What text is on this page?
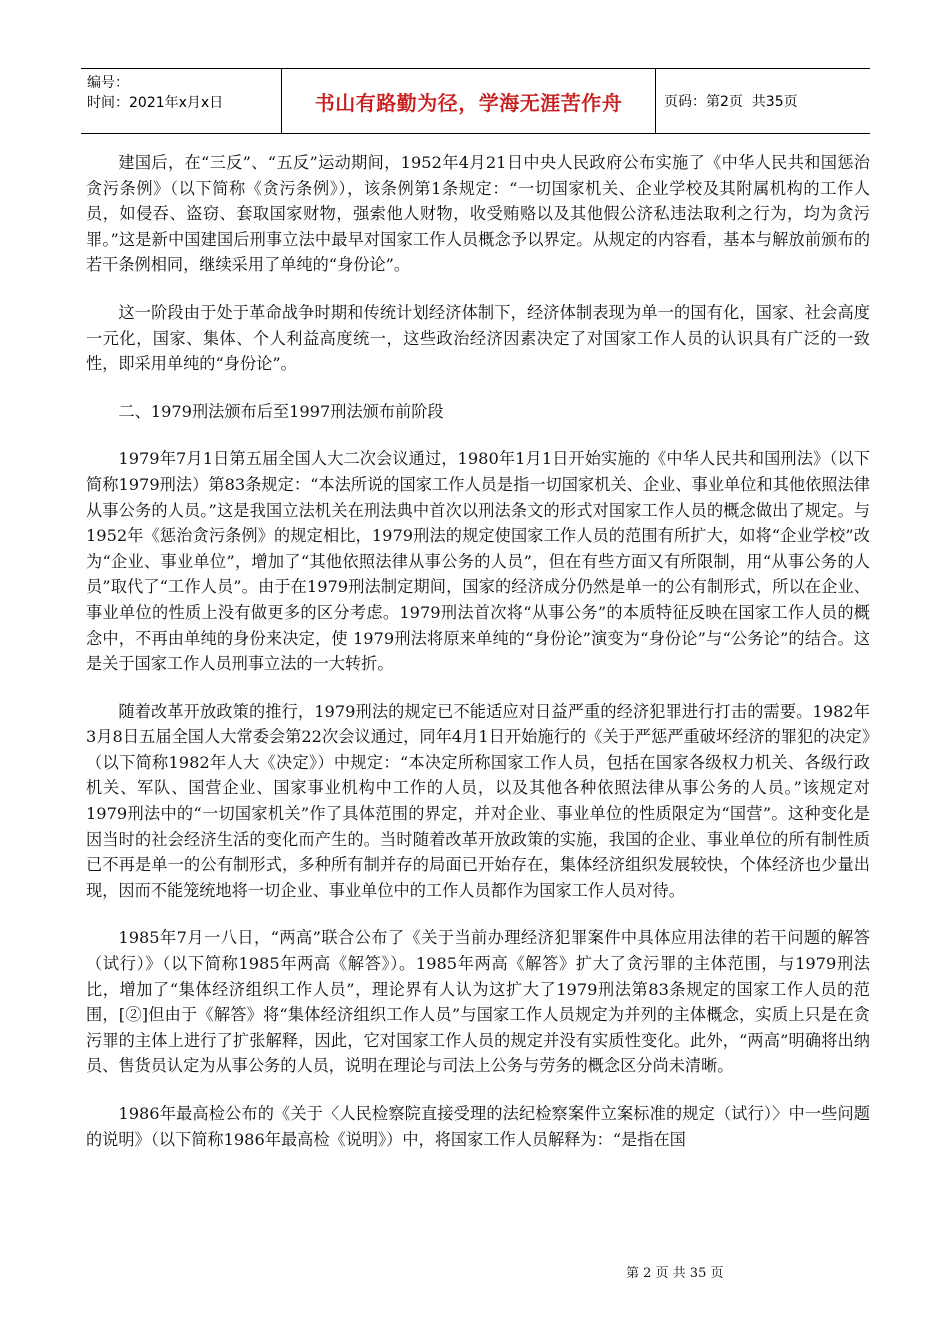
编号：
时间：2021年x月x日	书山有路勤为径，学海无涯苦作舟	页码：第2页  共35页

建国后，在“三反”、“五反”运动期间，1952年4月21日中央人民政府公布实施了《中华人民共和国惩治贪污条例》（以下简称《贪污条例》），该条例第1条规定：“一切国家机关、企业学校及其附属机构的工作人员，如侵吞、盗窃、套取国家财物，强索他人财物，收受贿赂以及其他假公济私违法取利之行为，均为贪污罪。”这是新中国建国后刑事立法中最早对国家工作人员概念予以界定。从规定的内容看，基本与解放前颁布的若干条例相同，继续采用了单纯的“身份论”。

这一阶段由于处于革命战争时期和传统计划经济体制下，经济体制表现为单一的国有化，国家、社会高度一元化，国家、集体、个人利益高度统一，这些政治经济因素决定了对国家工作人员的认识具有广泛的一致性，即采用单纯的“身份论”。

二、1979刑法颁布后至1997刑法颁布前阶段

1979年7月1日第五届全国人大二次会议通过，1980年1月1日开始实施的《中华人民共和国刑法》（以下简称1979刑法）第83条规定：“本法所说的国家工作人员是指一切国家机关、企业、事业单位和其他依照法律从事公务的人员。”这是我国立法机关在刑法典中首次以刑法条文的形式对国家工作人员的概念做出了规定。与1952年《惩治贪污条例》的规定相比，1979刑法的规定使国家工作人员的范围有所扩大，如将“企业学校”改为“企业、事业单位”，增加了“其他依照法律从事公务的人员”，但在有些方面又有所限制，用“从事公务的人员”取代了“工作人员”。由于在1979刑法制定期间，国家的经济成分仍然是单一的公有制形式，所以在企业、事业单位的性质上没有做更多的区分考虑。1979刑法首次将“从事公务”的本质特征反映在国家工作人员的概念中，不再由单纯的身份来决定，使 1979刑法将原来单纯的“身份论”演变为“身份论”与“公务论”的结合。这是关于国家工作人员刑事立法的一大转折。

随着改革开放政策的推行，1979刑法的规定已不能适应对日益严重的经济犯罪进行打击的需要。1982年3月8日五届全国人大常委会第22次会议通过，同年4月1日开始施行的《关于严惩严重破坏经济的罪犯的决定》（以下简称1982年人大《决定》）中规定：“本决定所称国家工作人员，包括在国家各级权力机关、各级行政机关、军队、国营企业、国家事业机构中工作的人员，以及其他各种依照法律从事公务的人员。”该规定对1979刑法中的“一切国家机关”作了具体范围的界定，并对企业、事业单位的性质限定为“国营”。这种变化是因当时的社会经济生活的变化而产生的。当时随着改革开放政策的实施，我国的企业、事业单位的所有制性质已不再是单一的公有制形式，多种所有制并存的局面已开始存在，集体经济组织发展较快，个体经济也少量出现，因而不能笼统地将一切企业、事业单位中的工作人员都作为国家工作人员对待。

1985年7月一八日，“两高”联合公布了《关于当前办理经济犯罪案件中具体应用法律的若干问题的解答（试行）》（以下简称1985年两高《解答》）。1985年两高《解答》扩大了贪污罪的主体范围，与1979刑法比，增加了“集体经济组织工作人员”，理论界有人认为这扩大了1979刑法第83条规定的国家工作人员的范围，[②]但由于《解答》将“集体经济组织工作人员”与国家工作人员规定为并列的主体概念，实质上只是在贪污罪的主体上进行了扩张解释，因此，它对国家工作人员的规定并没有实质性变化。此外，“两高”明确将出纳员、售货员认定为从事公务的人员，说明在理论与司法上公务与劳务的概念区分尚未清晰。

1986年最高检公布的《关于〈人民检察院直接受理的法纪检察案件立案标准的规定（试行）〉中一些问题的说明》（以下简称1986年最高检《说明》）中，将国家工作人员解释为：“是指在国

第 2 页 共 35 页
